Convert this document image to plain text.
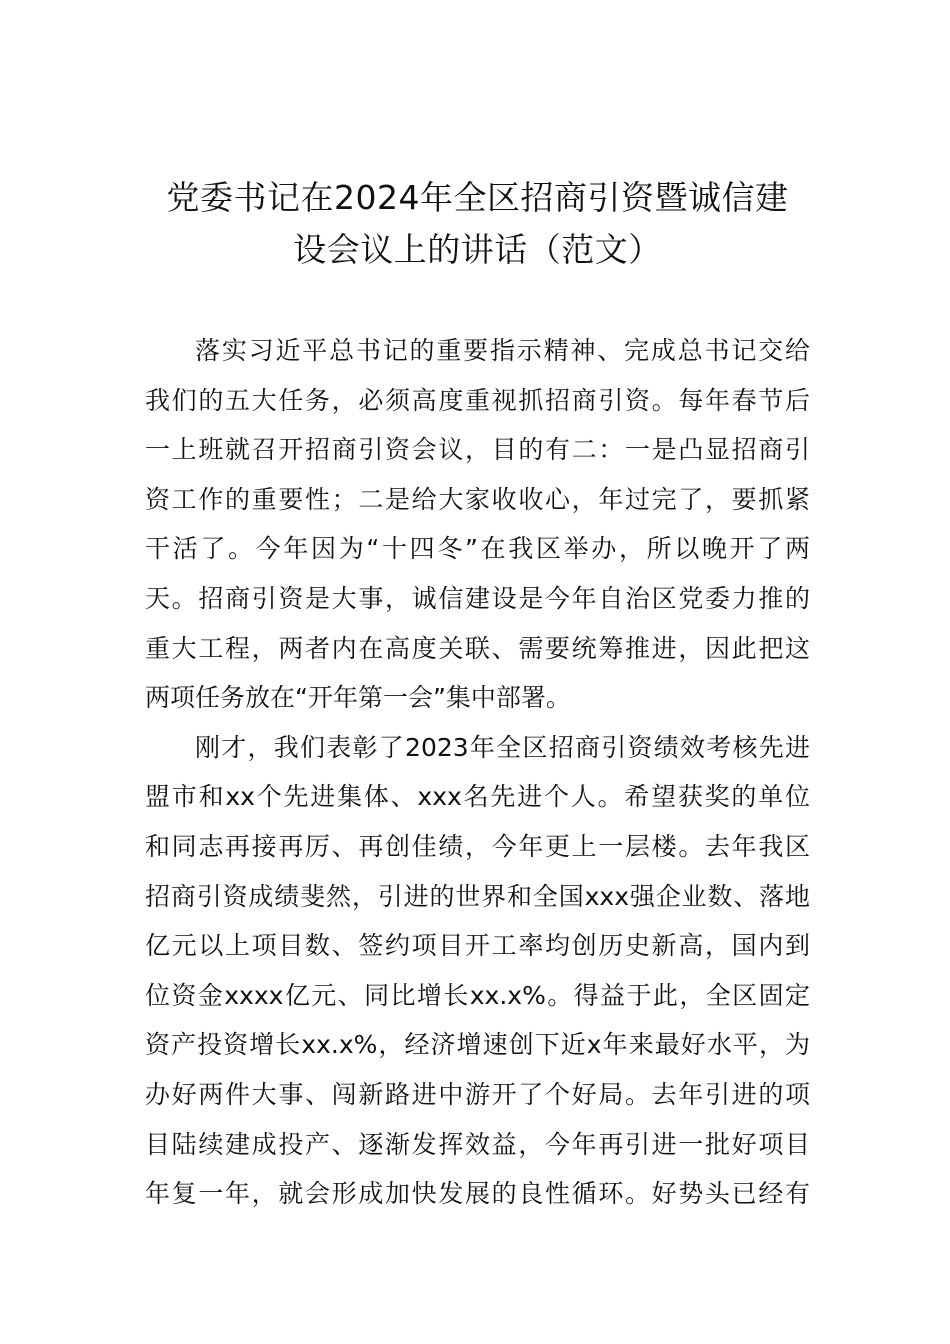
党委书记在2024年全区招商引资暨诚信建
设会议上的讲话（范文）
落实习近平总书记的重要指示精神、完成总书记交给
我们的五大任务，必须高度重视抓招商引资。每年春节后
一上班就召开招商引资会议，目的有二：一是凸显招商引
资工作的重要性；二是给大家收收心，年过完了，要抓紧
干活了。今年因为“十四冬”在我区举办，所以晚开了两
天。招商引资是大事，诚信建设是今年自治区党委力推的
重大工程，两者内在高度关联、需要统筹推进，因此把这
两项任务放在“开年第一会”集中部署。
刚才，我们表彰了2023年全区招商引资绩效考核先进
盟市和xx个先进集体、xxx名先进个人。希望获奖的单位
和同志再接再厉、再创佳绩，今年更上一层楼。去年我区
招商引资成绩斐然，引进的世界和全国xxx强企业数、落地
亿元以上项目数、签约项目开工率均创历史新高，国内到
位资金xxxx亿元、同比增长xx.x%。得益于此，全区固定
资产投资增长xx.x%，经济增速创下近x年来最好水平，为
办好两件大事、闯新路进中游开了个好局。去年引进的项
目陆续建成投产、逐渐发挥效益，今年再引进一批好项目
年复一年，就会形成加快发展的良性循环。好势头已经有
